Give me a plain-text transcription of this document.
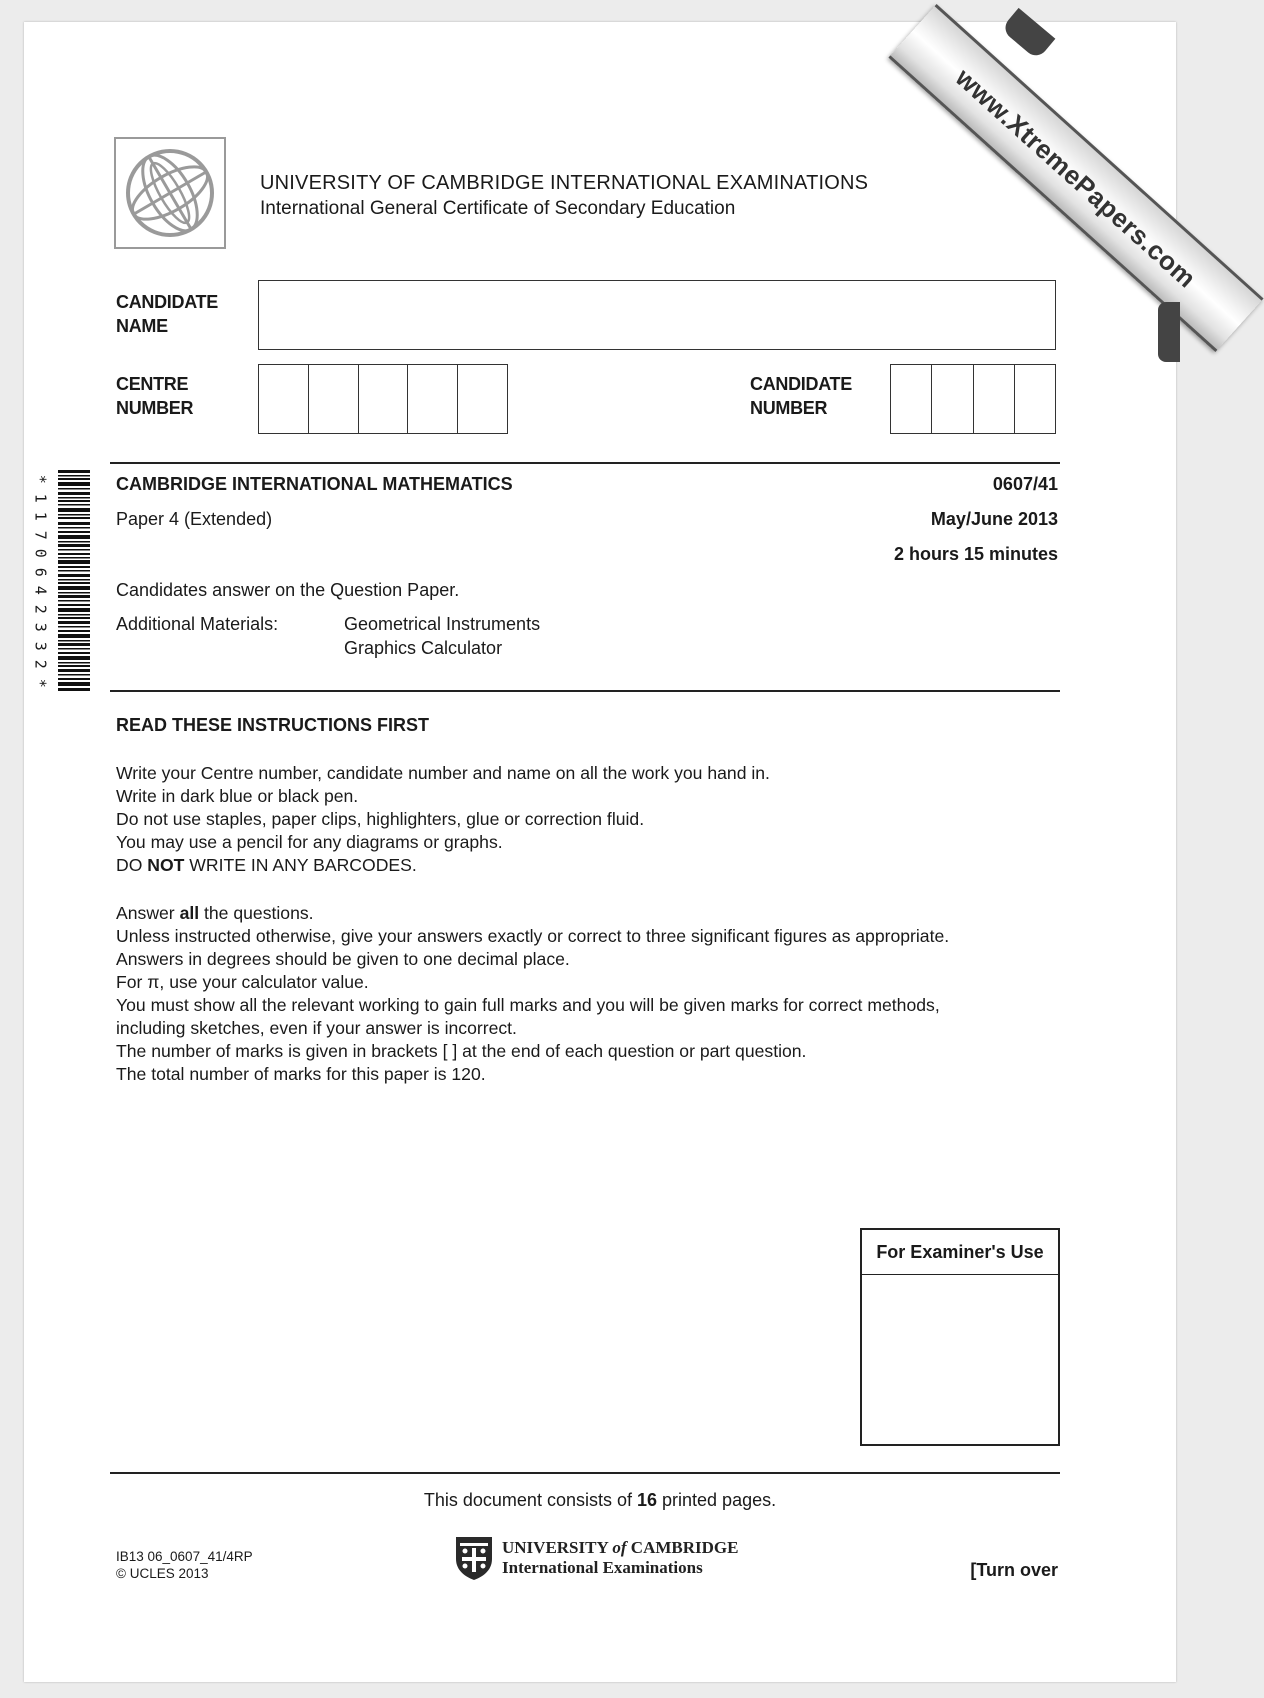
www.XtremePapers.com
UNIVERSITY OF CAMBRIDGE INTERNATIONAL EXAMINATIONS
International General Certificate of Secondary Education
CANDIDATE
NAME
CENTRE
NUMBER
CANDIDATE
NUMBER
*
1
1
7
0
6
4
2
3
3
2
*
CAMBRIDGE INTERNATIONAL MATHEMATICS	0607/41
Paper 4 (Extended)	May/June 2013
2 hours 15 minutes
Candidates answer on the Question Paper.
Additional Materials:	Geometrical Instruments
Graphics Calculator
READ THESE INSTRUCTIONS FIRST
Write your Centre number, candidate number and name on all the work you hand in.
Write in dark blue or black pen.
Do not use staples, paper clips, highlighters, glue or correction fluid.
You may use a pencil for any diagrams or graphs.
DO NOT WRITE IN ANY BARCODES.
Answer all the questions.
Unless instructed otherwise, give your answers exactly or correct to three significant figures as appropriate.
Answers in degrees should be given to one decimal place.
For π, use your calculator value.
You must show all the relevant working to gain full marks and you will be given marks for correct methods,
including sketches, even if your answer is incorrect.
The number of marks is given in brackets [ ] at the end of each question or part question.
The total number of marks for this paper is 120.
For Examiner's Use
This document consists of 16 printed pages.
IB13 06_0607_41/4RP
© UCLES 2013
UNIVERSITY of CAMBRIDGE
International Examinations	[Turn over
